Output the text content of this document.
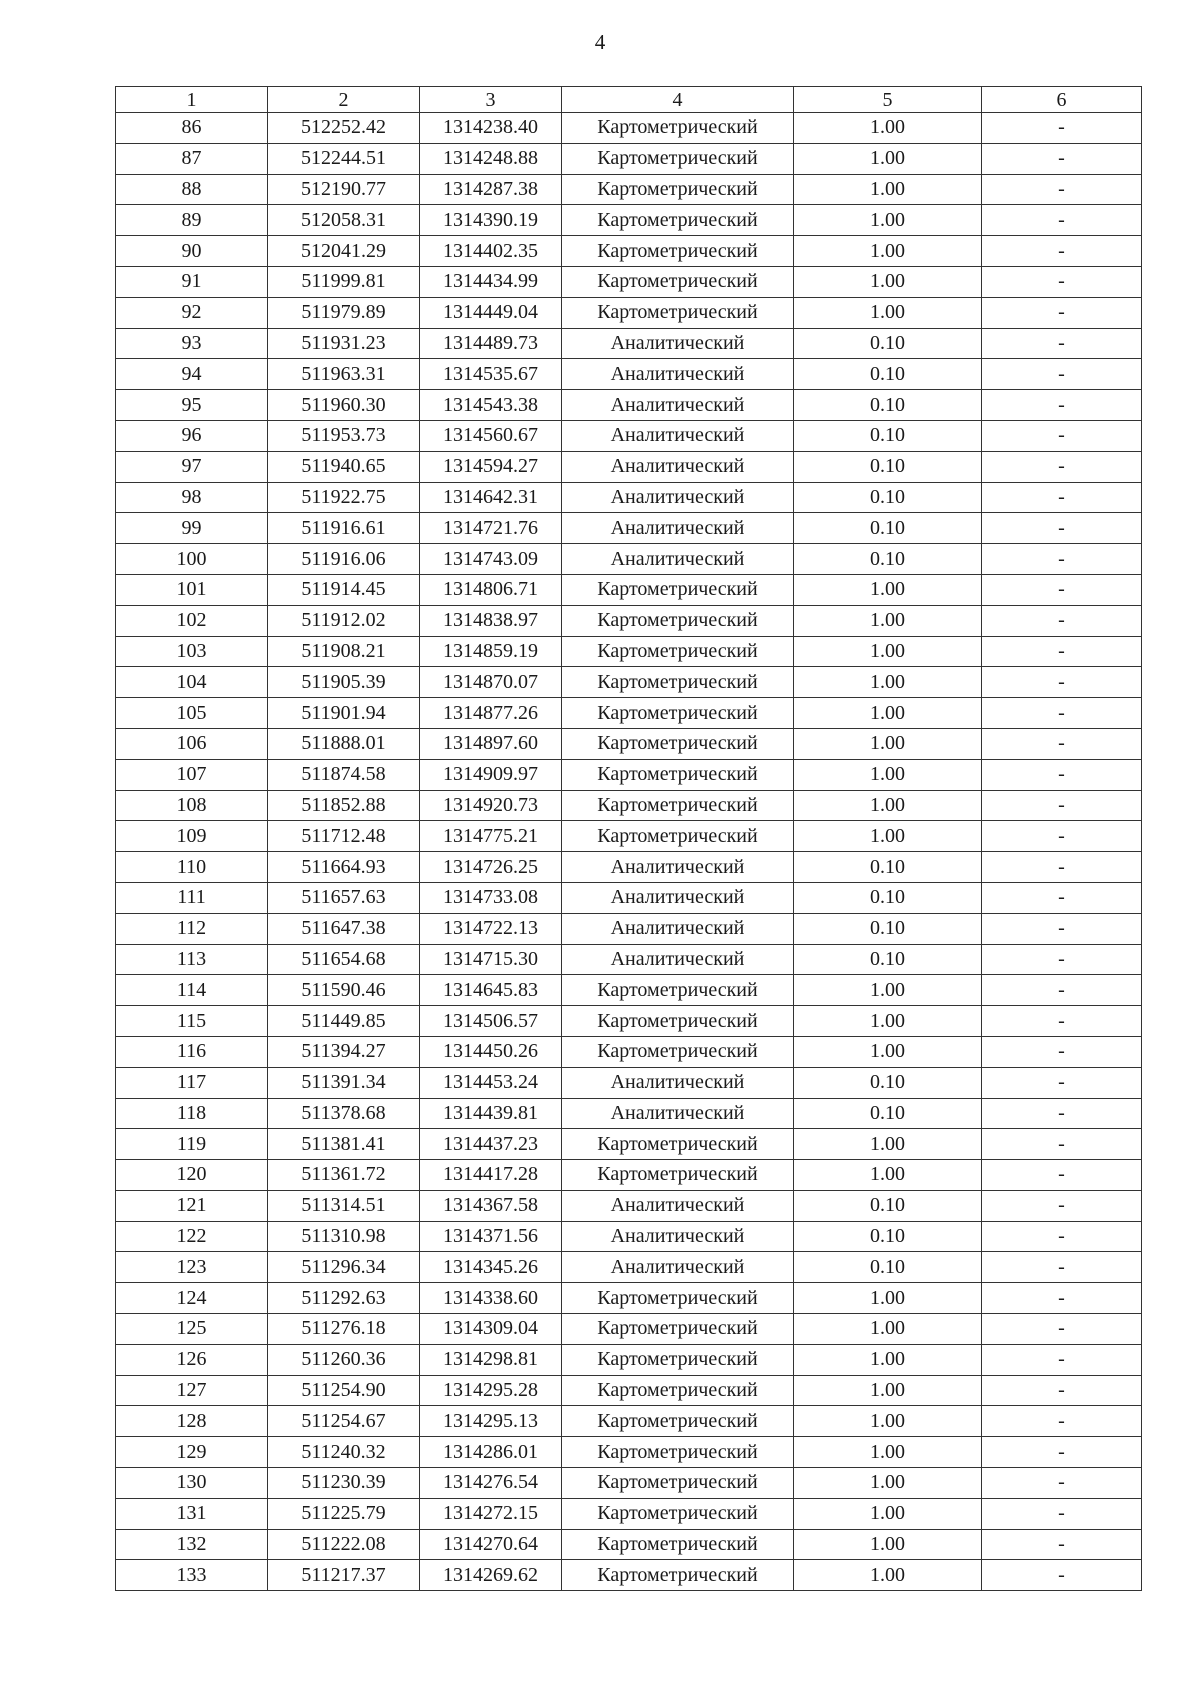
4
1	2	3	4	5	6
86	512252.42	1314238.40	Картометрический	1.00	-
87	512244.51	1314248.88	Картометрический	1.00	-
88	512190.77	1314287.38	Картометрический	1.00	-
89	512058.31	1314390.19	Картометрический	1.00	-
90	512041.29	1314402.35	Картометрический	1.00	-
91	511999.81	1314434.99	Картометрический	1.00	-
92	511979.89	1314449.04	Картометрический	1.00	-
93	511931.23	1314489.73	Аналитический	0.10	-
94	511963.31	1314535.67	Аналитический	0.10	-
95	511960.30	1314543.38	Аналитический	0.10	-
96	511953.73	1314560.67	Аналитический	0.10	-
97	511940.65	1314594.27	Аналитический	0.10	-
98	511922.75	1314642.31	Аналитический	0.10	-
99	511916.61	1314721.76	Аналитический	0.10	-
100	511916.06	1314743.09	Аналитический	0.10	-
101	511914.45	1314806.71	Картометрический	1.00	-
102	511912.02	1314838.97	Картометрический	1.00	-
103	511908.21	1314859.19	Картометрический	1.00	-
104	511905.39	1314870.07	Картометрический	1.00	-
105	511901.94	1314877.26	Картометрический	1.00	-
106	511888.01	1314897.60	Картометрический	1.00	-
107	511874.58	1314909.97	Картометрический	1.00	-
108	511852.88	1314920.73	Картометрический	1.00	-
109	511712.48	1314775.21	Картометрический	1.00	-
110	511664.93	1314726.25	Аналитический	0.10	-
111	511657.63	1314733.08	Аналитический	0.10	-
112	511647.38	1314722.13	Аналитический	0.10	-
113	511654.68	1314715.30	Аналитический	0.10	-
114	511590.46	1314645.83	Картометрический	1.00	-
115	511449.85	1314506.57	Картометрический	1.00	-
116	511394.27	1314450.26	Картометрический	1.00	-
117	511391.34	1314453.24	Аналитический	0.10	-
118	511378.68	1314439.81	Аналитический	0.10	-
119	511381.41	1314437.23	Картометрический	1.00	-
120	511361.72	1314417.28	Картометрический	1.00	-
121	511314.51	1314367.58	Аналитический	0.10	-
122	511310.98	1314371.56	Аналитический	0.10	-
123	511296.34	1314345.26	Аналитический	0.10	-
124	511292.63	1314338.60	Картометрический	1.00	-
125	511276.18	1314309.04	Картометрический	1.00	-
126	511260.36	1314298.81	Картометрический	1.00	-
127	511254.90	1314295.28	Картометрический	1.00	-
128	511254.67	1314295.13	Картометрический	1.00	-
129	511240.32	1314286.01	Картометрический	1.00	-
130	511230.39	1314276.54	Картометрический	1.00	-
131	511225.79	1314272.15	Картометрический	1.00	-
132	511222.08	1314270.64	Картометрический	1.00	-
133	511217.37	1314269.62	Картометрический	1.00	-
